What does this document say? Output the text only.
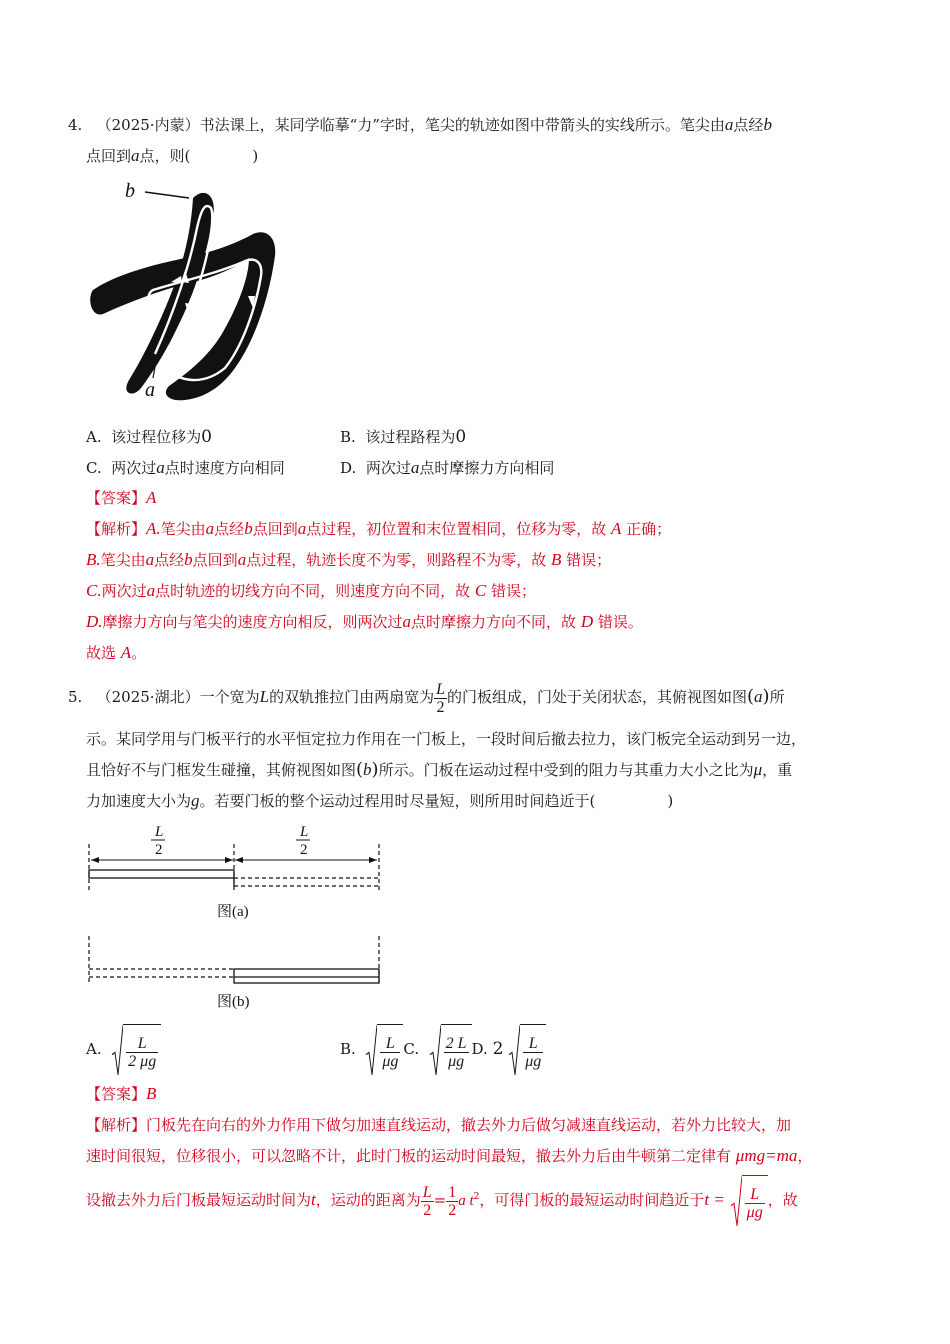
4. （2025·内蒙）书法课上，某同学临摹“力”字时，笔尖的轨迹如图中带箭头的实线所示。笔尖由a点经b
点回到a点，则(	)
b
a
A. 该过程位移为0	B. 该过程路程为0
C. 两次过a点时速度方向相同	D. 两次过a点时摩擦力方向相同
【答案】A
【解析】A.笔尖由a点经b点回到a点过程，初位置和末位置相同，位移为零，故 A 正确；
B.笔尖由a点经b点回到a点过程，轨迹长度不为零，则路程不为零，故 B 错误；
C.两次过a点时轨迹的切线方向不同，则速度方向不同，故 C 错误；
D.摩擦力方向与笔尖的速度方向相反，则两次过a点时摩擦力方向不同，故 D 错误。
故选 A。
5. （2025·湖北）一个宽为L的双轨推拉门由两扇宽为 $\frac{L}{2}$ 的门板组成，门处于关闭状态，其俯视图如图(a)所
示。某同学用与门板平行的水平恒定拉力作用在一门板上，一段时间后撤去拉力，该门板完全运动到另一边，
且恰好不与门框发生碰撞，其俯视图如图(b)所示。门板在运动过程中受到的阻力与其重力大小之比为μ，重
力加速度大小为g。若要门板的整个运动过程用时尽量短，则所用时间趋近于(	)
L
2
L
2
图(a)
图(b)
A. $\frac{L}{2 \mu g}$	B. $\frac{L}{\mu g} C$. $\frac{2 L}{\mu g} D$. $2 \frac{L}{\mu g}$
【答案】B
【解析】门板先在向右的外力作用下做匀加速直线运动，撤去外力后做匀减速直线运动，若外力比较大，加
速时间很短，位移很小，可以忽略不计，此时门板的运动时间最短，撤去外力后由牛顿第二定律有 μmg=ma，
设撤去外力后门板最短运动时间为t，运动的距离为 $\frac{L}{2} = \frac{1}{2}$ a $t^2$，可得门板的最短运动时间趋近于$t = \frac{L}{\mu g}$ ，故
